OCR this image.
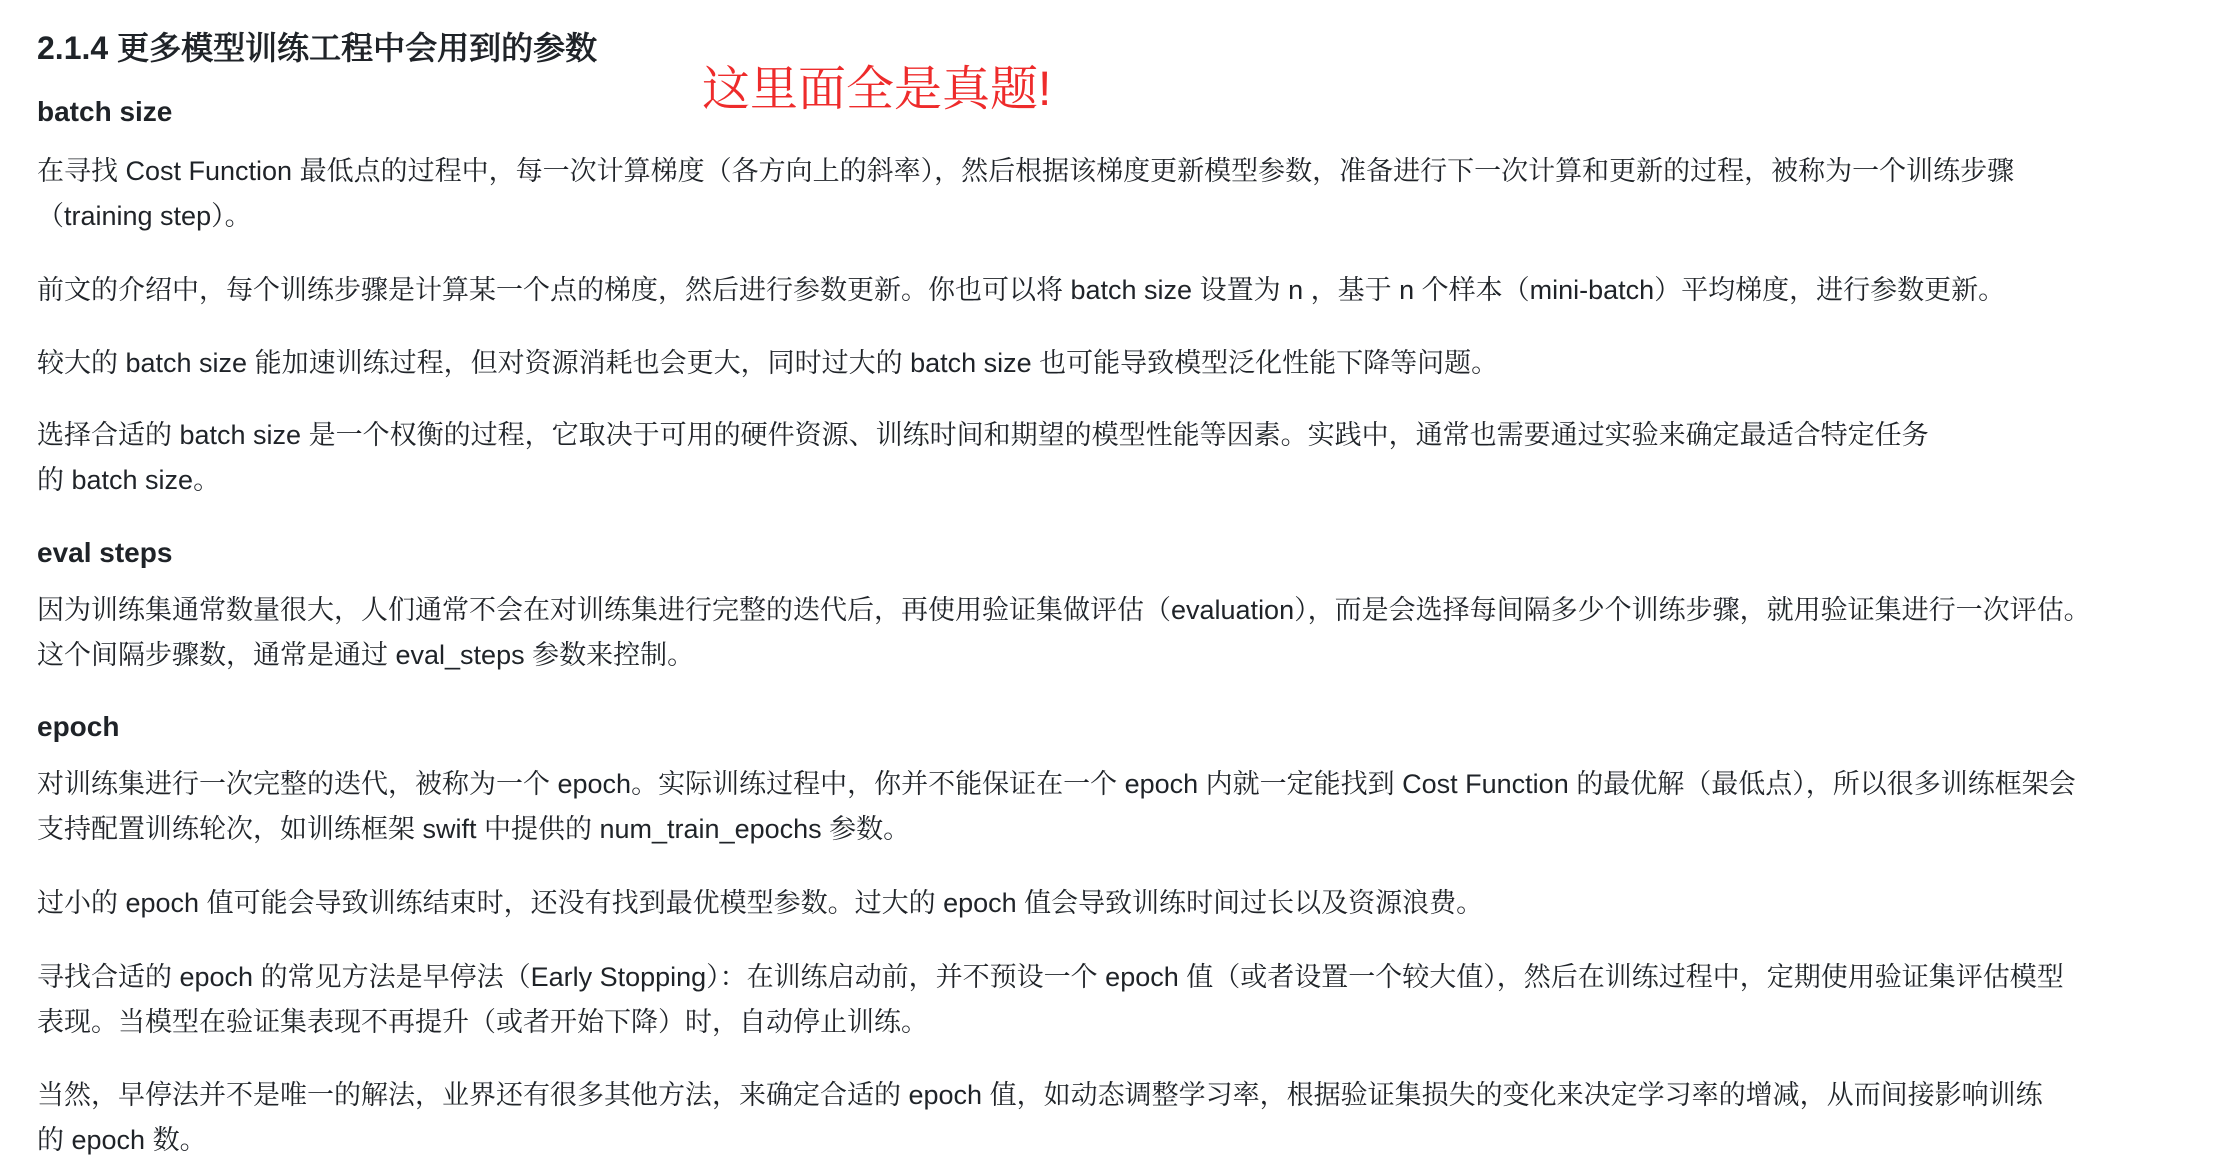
2.1.4 更多模型训练工程中会用到的参数
这里面全是真题!
batch size

在寻找 Cost Function 最低点的过程中，每一次计算梯度（各方向上的斜率），然后根据该梯度更新模型参数，准备进行下一次计算和更新的过程，被称为一个训练步骤
（training step）。

前文的介绍中，每个训练步骤是计算某一个点的梯度，然后进行参数更新。你也可以将 batch size 设置为 n ，基于 n 个样本（mini-batch）平均梯度，进行参数更新。

较大的 batch size 能加速训练过程，但对资源消耗也会更大，同时过大的 batch size 也可能导致模型泛化性能下降等问题。

选择合适的 batch size 是一个权衡的过程，它取决于可用的硬件资源、训练时间和期望的模型性能等因素。实践中，通常也需要通过实验来确定最适合特定任务
的 batch size。

eval steps

因为训练集通常数量很大，人们通常不会在对训练集进行完整的迭代后，再使用验证集做评估（evaluation），而是会选择每间隔多少个训练步骤，就用验证集进行一次评估。
这个间隔步骤数，通常是通过 eval_steps 参数来控制。

epoch

对训练集进行一次完整的迭代，被称为一个 epoch。实际训练过程中，你并不能保证在一个 epoch 内就一定能找到 Cost Function 的最优解（最低点），所以很多训练框架会
支持配置训练轮次，如训练框架 swift 中提供的 num_train_epochs 参数。

过小的 epoch 值可能会导致训练结束时，还没有找到最优模型参数。过大的 epoch 值会导致训练时间过长以及资源浪费。

寻找合适的 epoch 的常见方法是早停法（Early Stopping）：在训练启动前，并不预设一个 epoch 值（或者设置一个较大值），然后在训练过程中，定期使用验证集评估模型
表现。当模型在验证集表现不再提升（或者开始下降）时，自动停止训练。

当然，早停法并不是唯一的解法，业界还有很多其他方法，来确定合适的 epoch 值，如动态调整学习率，根据验证集损失的变化来决定学习率的增减，从而间接影响训练
的 epoch 数。
